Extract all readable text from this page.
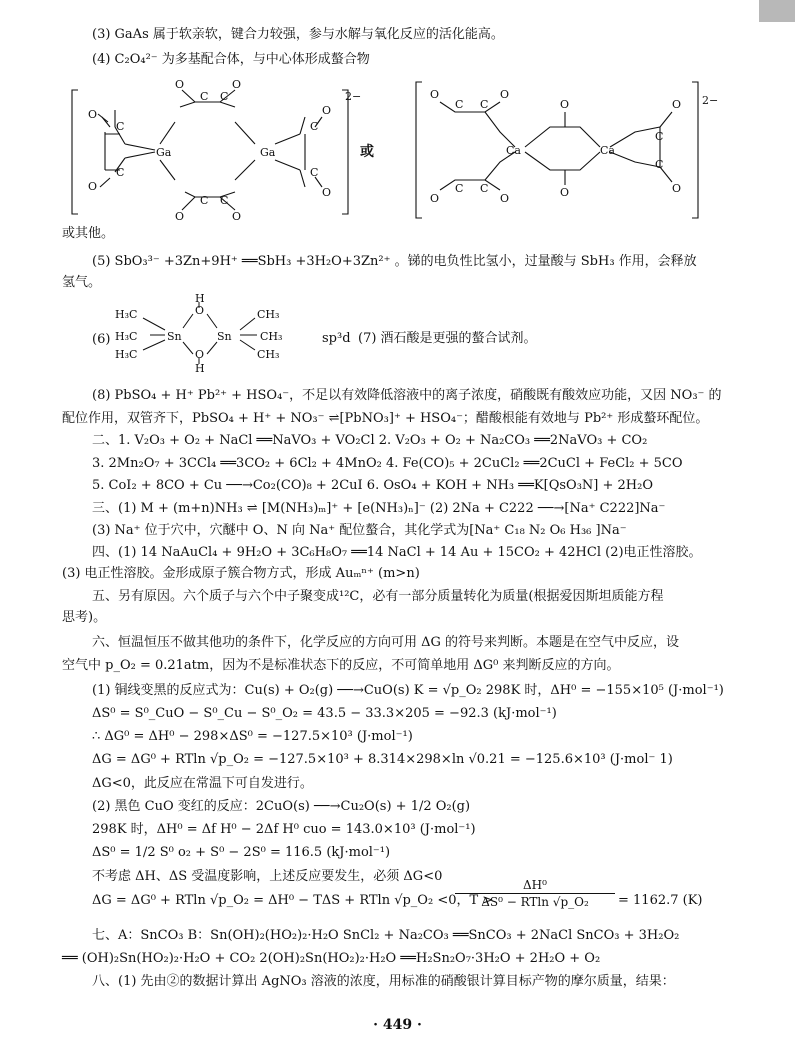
(3) GaAs 属于软亲软，键合力较强，参与水解与氧化反应的活化能高。
(4) C₂O₄²⁻ 为多基配合体，与中心体形成螯合物
2−	2−
Ga	Ga	Ca	Ca
或
O
O
C
C
C C
C C
O	O
O	O
C
C
O
O
C C
C C
O	O
O	O
O
O
C
C
O
O
或其他。
(5) SbO₃³⁻ +3Zn+9H⁺ ══SbH₃ +3H₂O+3Zn²⁺ 。锑的电负性比氢小，过量酸与 SbH₃ 作用，会释放
氢气。
(6)
H
O
H₃C
H₃C
H₃C
Sn	Sn
CH₃
CH₃
CH₃
O
H
sp³d (7) 酒石酸是更强的螯合试剂。
(8) PbSO₄ + H⁺ Pb²⁺ + HSO₄⁻，不足以有效降低溶液中的离子浓度，硝酸既有酸效应功能，又因 NO₃⁻ 的
配位作用，双管齐下，PbSO₄ + H⁺ + NO₃⁻ ⇌[PbNO₃]⁺ + HSO₄⁻；醋酸根能有效地与 Pb²⁺ 形成螯环配位。
二、1. V₂O₃ + O₂ + NaCl ══NaVO₃ + VO₂Cl 2. V₂O₃ + O₂ + Na₂CO₃ ══2NaVO₃ + CO₂
3. 2Mn₂O₇ + 3CCl₄ ══3CO₂ + 6Cl₂ + 4MnO₂ 4. Fe(CO)₅ + 2CuCl₂ ══2CuCl + FeCl₂ + 5CO
5. CoI₂ + 8CO + Cu ──→Co₂(CO)₈ + 2CuI 6. OsO₄ + KOH + NH₃ ══K[QsO₃N] + 2H₂O
三、(1) M + (m+n)NH₃ ⇌ [M(NH₃)ₘ]⁺ + [e(NH₃)ₙ]⁻ (2) 2Na + C222 ──→[Na⁺ C222]Na⁻
(3) Na⁺ 位于穴中，穴醚中 O、N 向 Na⁺ 配位螯合，其化学式为[Na⁺ C₁₈ N₂ O₆ H₃₆ ]Na⁻
四、(1) 14 NaAuCl₄ + 9H₂O + 3C₆H₈O₇ ══14 NaCl + 14 Au + 15CO₂ + 42HCl (2)电正性溶胶。
(3) 电正性溶胶。金形成原子簇合物方式，形成 Auₘⁿ⁺ (m>n)
五、另有原因。六个质子与六个中子聚变成¹²C，必有一部分质量转化为质量(根据爱因斯坦质能方程
思考)。
六、恒温恒压不做其他功的条件下，化学反应的方向可用 ΔG 的符号来判断。本题是在空气中反应，设
空气中 p_O₂ = 0.21atm，因为不是标准状态下的反应，不可简单地用 ΔG⁰ 来判断反应的方向。
(1) 铜线变黑的反应式为：Cu(s) + O₂(g) ──→CuO(s) K = √p_O₂ 298K 时，ΔH⁰ = −155×10⁵ (J·mol⁻¹)
ΔS⁰ = S⁰_CuO − S⁰_Cu − S⁰_O₂ = 43.5 − 33.3×205 = −92.3 (kJ·mol⁻¹)
∴ ΔG⁰ = ΔH⁰ − 298×ΔS⁰ = −127.5×10³ (J·mol⁻¹)
ΔG = ΔG⁰ + RTln √p_O₂ = −127.5×10³ + 8.314×298×ln √0.21 = −125.6×10³ (J·mol⁻ 1)
ΔG<0，此反应在常温下可自发进行。
(2) 黑色 CuO 变红的反应：2CuO(s) ──→Cu₂O(s) + 1/2 O₂(g)
298K 时，ΔH⁰ = Δf H⁰ − 2Δf H⁰ cuo = 143.0×10³ (J·mol⁻¹)
ΔS⁰ = 1/2 S⁰ o₂ + S⁰ − 2S⁰ = 116.5 (kJ·mol⁻¹)
不考虑 ΔH、ΔS 受温度影响，上述反应要发生，必须 ΔG<0
ΔG = ΔG⁰ + RTln √p_O₂ = ΔH⁰ − TΔS + RTln √p_O₂ <0，T >
$\frac{\text{ΔH⁰}}{\text{ΔS⁰ − RTln √p\_O₂}} = 1162.7$ (K)
七、A：SnCO₃ B：Sn(OH)₂(HO₂)₂·H₂O SnCl₂ + Na₂CO₃ ══SnCO₃ + 2NaCl SnCO₃ + 3H₂O₂
══ (OH)₂Sn(HO₂)₂·H₂O + CO₂ 2(OH)₂Sn(HO₂)₂·H₂O ══H₂Sn₂O₇·3H₂O + 2H₂O + O₂
八、(1) 先由②的数据计算出 AgNO₃ 溶液的浓度，用标准的硝酸银计算目标产物的摩尔质量，结果：
· 449 ·
